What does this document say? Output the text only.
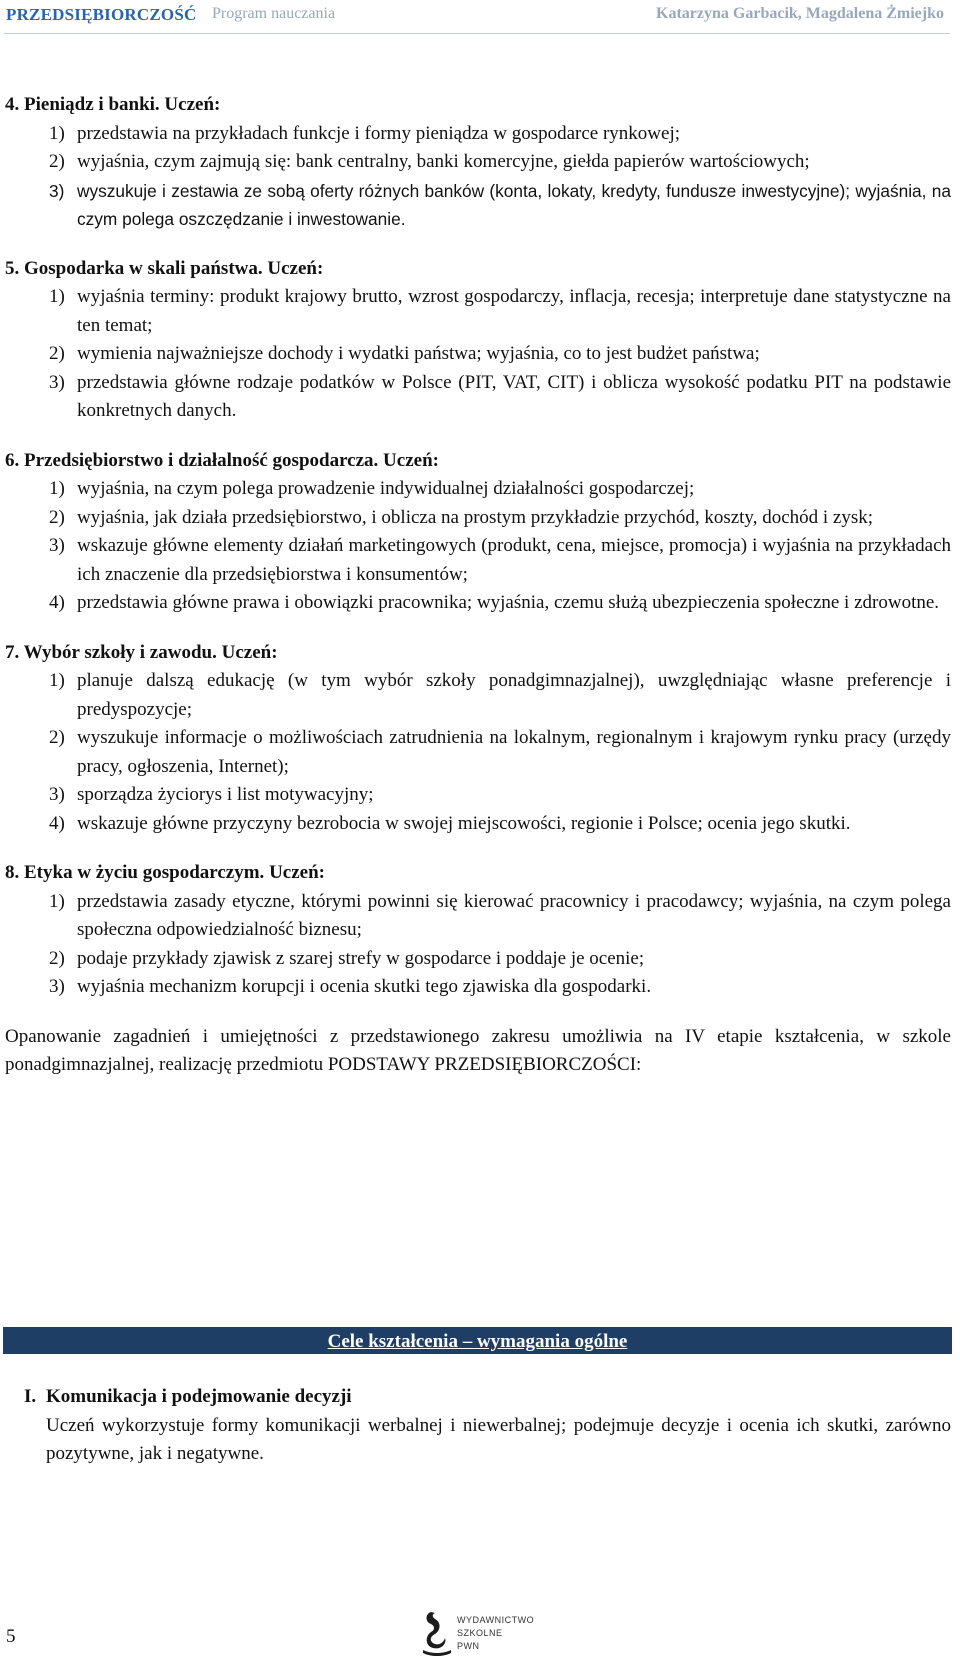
PRZEDSIĘBIORCZOŚĆ Program nauczania	Katarzyna Garbacik, Magdalena Żmiejko
4. Pieniądz i banki. Uczeń:
1) przedstawia na przykładach funkcje i formy pieniądza w gospodarce rynkowej;
2) wyjaśnia, czym zajmują się: bank centralny, banki komercyjne, giełda papierów wartościowych;
3) wyszukuje i zestawia ze sobą oferty różnych banków (konta, lokaty, kredyty, fundusze inwestycyjne); wyjaśnia, na czym polega oszczędzanie i inwestowanie.
5. Gospodarka w skali państwa. Uczeń:
1) wyjaśnia terminy: produkt krajowy brutto, wzrost gospodarczy, inflacja, recesja; interpretuje dane statystyczne na ten temat;
2) wymienia najważniejsze dochody i wydatki państwa; wyjaśnia, co to jest budżet państwa;
3) przedstawia główne rodzaje podatków w Polsce (PIT, VAT, CIT) i oblicza wysokość podatku PIT na podstawie konkretnych danych.
6. Przedsiębiorstwo i działalność gospodarcza. Uczeń:
1) wyjaśnia, na czym polega prowadzenie indywidualnej działalności gospodarczej;
2) wyjaśnia, jak działa przedsiębiorstwo, i oblicza na prostym przykładzie przychód, koszty, dochód i zysk;
3) wskazuje główne elementy działań marketingowych (produkt, cena, miejsce, promocja) i wyjaśnia na przykładach ich znaczenie dla przedsiębiorstwa i konsumentów;
4) przedstawia główne prawa i obowiązki pracownika; wyjaśnia, czemu służą ubezpieczenia społeczne i zdrowotne.
7. Wybór szkoły i zawodu. Uczeń:
1) planuje dalszą edukację (w tym wybór szkoły ponadgimnazjalnej), uwzględniając własne preferencje i predyspozycje;
2) wyszukuje informacje o możliwościach zatrudnienia na lokalnym, regionalnym i krajowym rynku pracy (urzędy pracy, ogłoszenia, Internet);
3) sporządza życiorys i list motywacyjny;
4) wskazuje główne przyczyny bezrobocia w swojej miejscowości, regionie i Polsce; ocenia jego skutki.
8. Etyka w życiu gospodarczym. Uczeń:
1) przedstawia zasady etyczne, którymi powinni się kierować pracownicy i pracodawcy; wyjaśnia, na czym polega społeczna odpowiedzialność biznesu;
2) podaje przykłady zjawisk z szarej strefy w gospodarce i poddaje je ocenie;
3) wyjaśnia mechanizm korupcji i ocenia skutki tego zjawiska dla gospodarki.
Opanowanie zagadnień i umiejętności z przedstawionego zakresu umożliwia na IV etapie kształcenia, w szkole ponadgimnazjalnej, realizację przedmiotu PODSTAWY PRZEDSIĘBIORCZOŚCI:
Cele kształcenia – wymagania ogólne
I. Komunikacja i podejmowanie decyzji
Uczeń wykorzystuje formy komunikacji werbalnej i niewerbalnej; podejmuje decyzje i ocenia ich skutki, zarówno pozytywne, jak i negatywne.
5
WYDAWNICTWO
SZKOLNE
PWN
